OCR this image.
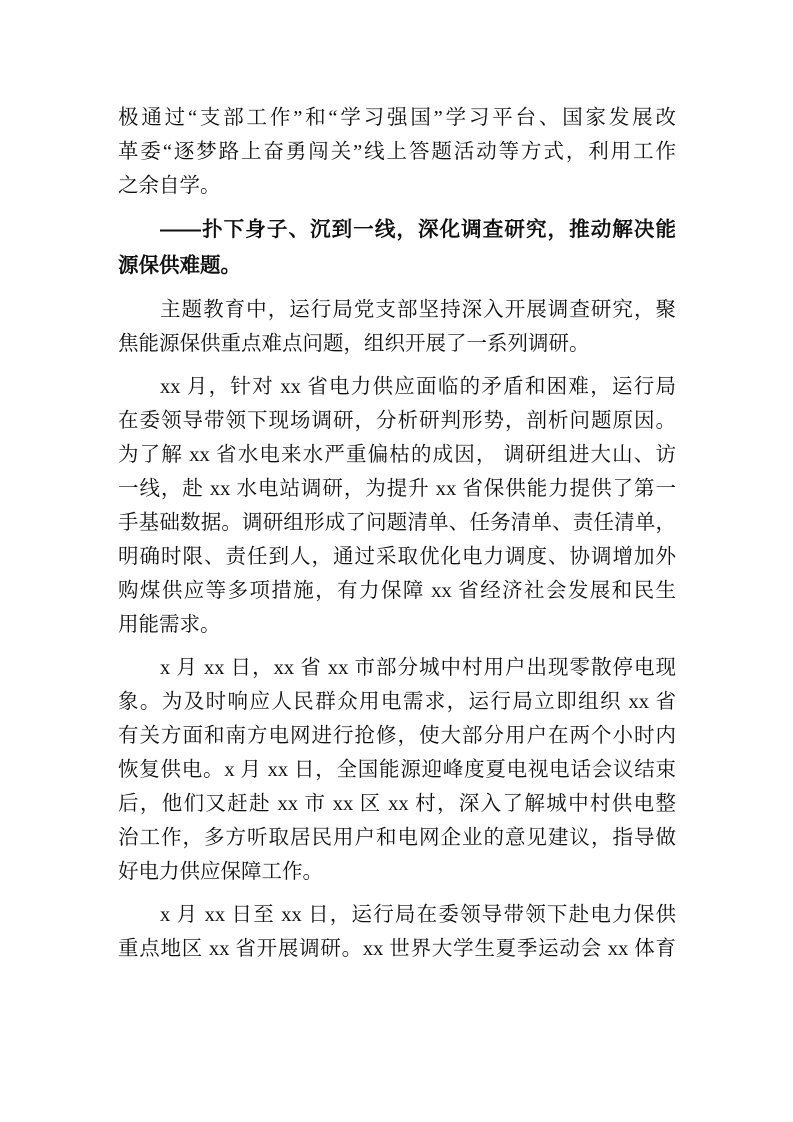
极通过“支部工作”和“学习强国”学习平台、国家发展改
革委“逐梦路上奋勇闯关”线上答题活动等方式，利用工作
之余自学。
——扑下身子、沉到一线，深化调查研究，推动解决能
源保供难题。
主题教育中，运行局党支部坚持深入开展调查研究，聚
焦能源保供重点难点问题，组织开展了一系列调研。
xx 月，针对 xx 省电力供应面临的矛盾和困难，运行局
在委领导带领下现场调研，分析研判形势，剖析问题原因。
为了解 xx 省水电来水严重偏枯的成因， 调研组进大山、访
一线，赴 xx 水电站调研，为提升 xx 省保供能力提供了第一
手基础数据。调研组形成了问题清单、任务清单、责任清单，
明确时限、责任到人，通过采取优化电力调度、协调增加外
购煤供应等多项措施，有力保障 xx 省经济社会发展和民生
用能需求。
x 月 xx 日，xx 省 xx 市部分城中村用户出现零散停电现
象。为及时响应人民群众用电需求，运行局立即组织 xx 省
有关方面和南方电网进行抢修，使大部分用户在两个小时内
恢复供电。x 月 xx 日，全国能源迎峰度夏电视电话会议结束
后，他们又赶赴 xx 市 xx 区 xx 村，深入了解城中村供电整
治工作，多方听取居民用户和电网企业的意见建议，指导做
好电力供应保障工作。
x 月 xx 日至 xx 日，运行局在委领导带领下赴电力保供
重点地区 xx 省开展调研。xx 世界大学生夏季运动会 xx 体育
